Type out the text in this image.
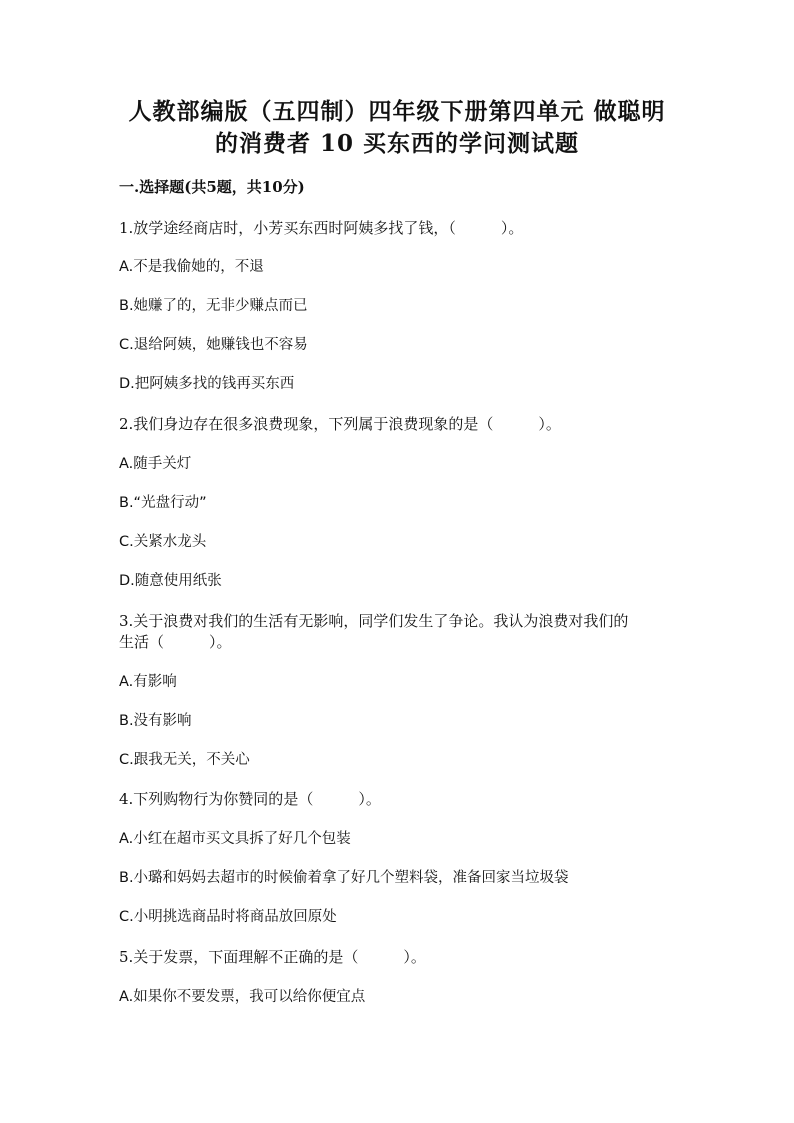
人教部编版（五四制）四年级下册第四单元 做聪明
的消费者 10 买东西的学问测试题
一.选择题(共5题，共10分)
1.放学途经商店时，小芳买东西时阿姨多找了钱，（　　　）。
A.不是我偷她的，不退
B.她赚了的，无非少赚点而已
C.退给阿姨，她赚钱也不容易
D.把阿姨多找的钱再买东西
2.我们身边存在很多浪费现象，下列属于浪费现象的是（　　　）。
A.随手关灯
B.“光盘行动”
C.关紧水龙头
D.随意使用纸张
3.关于浪费对我们的生活有无影响，同学们发生了争论。我认为浪费对我们的
生活（　　　）。
A.有影响
B.没有影响
C.跟我无关，不关心
4.下列购物行为你赞同的是（　　　）。
A.小红在超市买文具拆了好几个包装
B.小璐和妈妈去超市的时候偷着拿了好几个塑料袋，准备回家当垃圾袋
C.小明挑选商品时将商品放回原处
5.关于发票，下面理解不正确的是（　　　）。
A.如果你不要发票，我可以给你便宜点
